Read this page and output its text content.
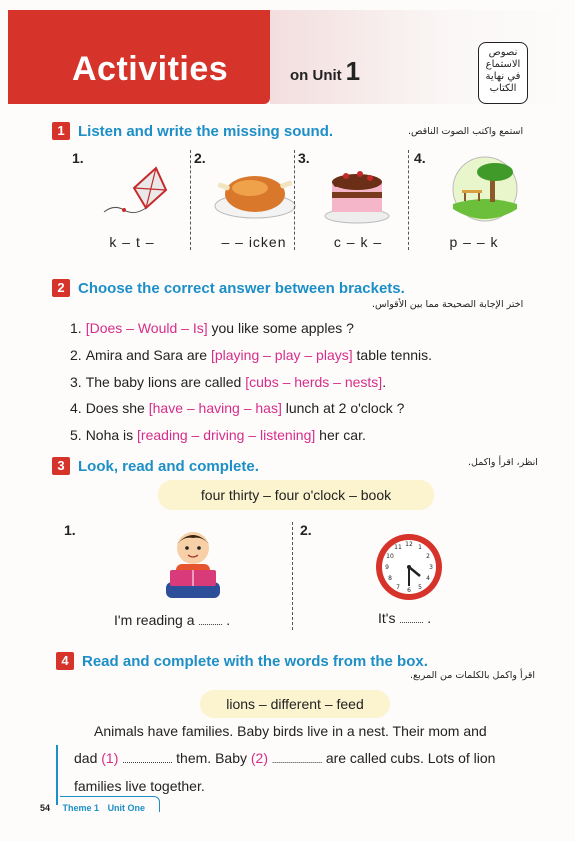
Activities	on Unit 1
نصوص
الاستماع
في نهاية
الكتاب
1 Listen and write the missing sound.	استمع واكتب الصوت الناقص.
1.
k – t –
2.
– – icken
3.
c – k –
4.
p – – k
2 Choose the correct answer between brackets.
اختر الإجابة الصحيحة مما بين الأقواس.
1. [Does – Would – Is] you like some apples ?
2. Amira and Sara are [playing – play – plays] table tennis.
3. The baby lions are called [cubs – herds – nests].
4. Does she [have – having – has] lunch at 2 o'clock ?
5. Noha is [reading – driving – listening] her car.
3 Look, read and complete.	انظر، اقرأ واكمل.
four thirty – four o'clock – book
1.
I'm reading a ............ .
2.
12 1
2
3
4
5
6
7
8
9
10
11
It's ............ .
4 Read and complete with the words from the box.
اقرأ واكمل بالكلمات من المربع.
lions – different – feed
Animals have families. Baby birds live in a nest. Their mom and
dad (1) ......................... them. Baby (2) ......................... are called cubs. Lots of lion
families live together.
54 Theme 1 Unit One
